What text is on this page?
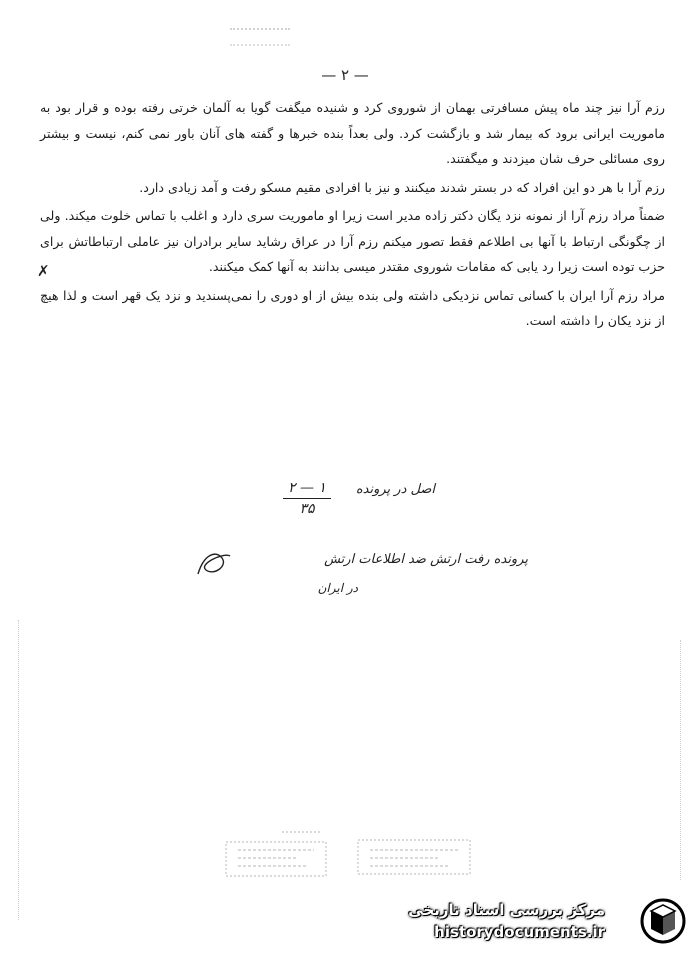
— ۲ —
✗

رزم آرا نیز چند ماه پیش مسافرتی بهمان از شوروی کرد و شنیده میگفت گویا به آلمان خرتی رفته بوده و قرار بود به ماموریت ایرانی برود که بیمار شد و بازگشت کرد. ولی بعداً بنده خبرها و گفته های آنان باور نمی کنم، نیست و بیشتر روی مسائلی حرف شان میزدند و میگفتند.

رزم آرا با هر دو این افراد که در بستر شدند میکنند و نیز با افرادی مقیم مسکو رفت و آمد زیادی دارد.

ضمناً مراد رزم آرا از نمونه نزد یگان دکتر زاده مدیر است زیرا او ماموریت سری دارد و اغلب با تماس خلوت میکند. ولی از چگونگی ارتباط با آنها بی اطلاعم فقط تصور میکنم رزم آرا در عراق رشاید سایر برادران نیز عاملی ارتباطاتش برای حزب توده است زیرا رد یابی که مقامات شوروی مقتدر میسی بدانند به آنها کمک میکنند.

مراد رزم آرا ایران با کسانی تماس نزدیکی داشته ولی بنده بیش از او دوری را نمی‌پسندید و نزد یک قهر است و لذا هیچ از نزد یکان را داشته است.

۲ — ۱
۳۵
اصل در پرونده
پرونده رفت ارتش ضد اطلاعات ارتش
در ایران
مرکز بررسی اسناد تاریخی
historydocuments.ir
